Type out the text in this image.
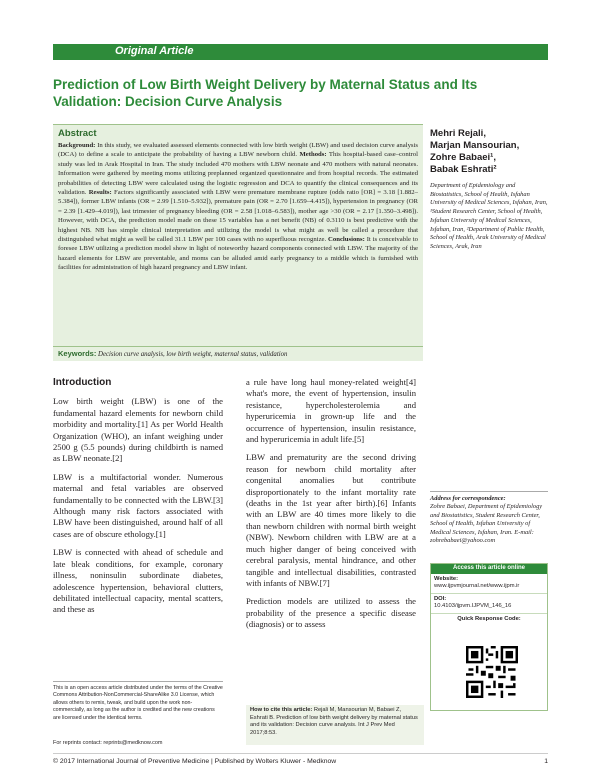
Original Article
Prediction of Low Birth Weight Delivery by Maternal Status and Its Validation: Decision Curve Analysis
Abstract
Background: In this study, we evaluated assessed elements connected with low birth weight (LBW) and used decision curve analysis (DCA) to define a scale to anticipate the probability of having a LBW newborn child. Methods: This hospital-based case–control study was led in Arak Hospital in Iran. The study included 470 mothers with LBW neonate and 470 mothers with natural neonates. Information were gathered by meeting moms utilizing preplanned organized questionnaire and from hospital records. The estimated probabilities of detecting LBW were calculated using the logistic regression and DCA to quantify the clinical consequences and its validation. Results: Factors significantly associated with LBW were premature membrane rupture (odds ratio [OR] = 3.18 [1.882–5.384]), former LBW infants (OR = 2.99 [1.510–5.932]), premature pain (OR = 2.70 [1.659–4.415]), hypertension in pregnancy (OR = 2.39 [1.429–4.019]), last trimester of pregnancy bleeding (OR = 2.58 [1.018–6.583]), mother age >30 (OR = 2.17 [1.350–3.498]). However, with DCA, the prediction model made on these 15 variables has a net benefit (NB) of 0.3110 is best predictive with the highest NB. NB has simple clinical interpretation and utilizing the model is what might as well be called a procedure that distinguished what might as well be called 31.1 LBW per 100 cases with no superfluous recognize. Conclusions: It is conceivable to foresee LBW utilizing a prediction model show in light of noteworthy hazard components connected with LBW. The majority of the hazard elements for LBW are preventable, and moms can be alluded amid early pregnancy to a middle which is furnished with facilities for administration of high hazard pregnancy and LBW infant.
Keywords: Decision curve analysis, low birth weight, maternal status, validation
Mehri Rejali,
Marjan Mansourian,
Zohre Babaei¹,
Babak Eshrati²
Department of Epidemiology and Biostatistics, School of Health, Isfahan University of Medical Sciences, Isfahan, Iran, ¹Student Research Center, School of Health, Isfahan University of Medical Sciences, Isfahan, Iran, ²Department of Public Health, School of Health, Arak University of Medical Sciences, Arak, Iran
Introduction

Low birth weight (LBW) is one of the fundamental hazard elements for newborn child morbidity and mortality.[1] As per World Health Organization (WHO), an infant weighing under 2500 g (5.5 pounds) during childbirth is named as LBW neonate.[2]

LBW is a multifactorial wonder. Numerous maternal and fetal variables are observed fundamentally to be connected with the LBW.[3] Although many risk factors associated with LBW have been distinguished, around half of all cases are of obscure ethology.[1]

LBW is connected with ahead of schedule and late bleak conditions, for example, coronary illness, noninsulin subordinate diabetes, adolescence hypertension, behavioral clutters, debilitated intellectual capacity, mental scatters, and these as

a rule have long haul money-related weight[4] what's more, the event of hypertension, insulin resistance, hypercholesterolemia and hyperuricemia in grown-up life and the occurrence of hypertension, insulin resistance, and hyperuricemia in adult life.[5]

LBW and prematurity are the second driving reason for newborn child mortality after congenital anomalies but contribute disproportionately to the infant mortality rate (deaths in the 1st year after birth).[6] Infants with an LBW are 40 times more likely to die than newborn children with normal birth weight (NBW). Newborn children with LBW are at a much higher danger of being conceived with cerebral paralysis, mental hindrance, and other tangible and intellectual disabilities, contrasted with infants of NBW.[7]

Prediction models are utilized to assess the probability of the presence a specific disease (diagnosis) or to assess

This is an open access article distributed under the terms of the Creative Commons Attribution-NonCommercial-ShareAlike 3.0 License, which allows others to remix, tweak, and build upon the work non-commercially, as long as the author is credited and the new creations are licensed under the identical terms.
For reprints contact: reprints@medknow.com
How to cite this article: Rejali M, Mansourian M, Babaei Z, Eshrati B. Prediction of low birth weight delivery by maternal status and its validation: Decision curve analysis. Int J Prev Med 2017;8:53.
Address for correspondence:
Zohre Babaei, Department of Epidemiology and Biostatistics, Student Research Center, School of Health, Isfahan University of Medical Sciences, Isfahan, Iran. E-mail: zohrebabaei@yahoo.com
Access this article online
Website:
www.ijpvmjournal.net/www.ijpm.ir
DOI:
10.4103/ijpvm.IJPVM_146_16
Quick Response Code:
© 2017 International Journal of Preventive Medicine | Published by Wolters Kluwer - Medknow	1
